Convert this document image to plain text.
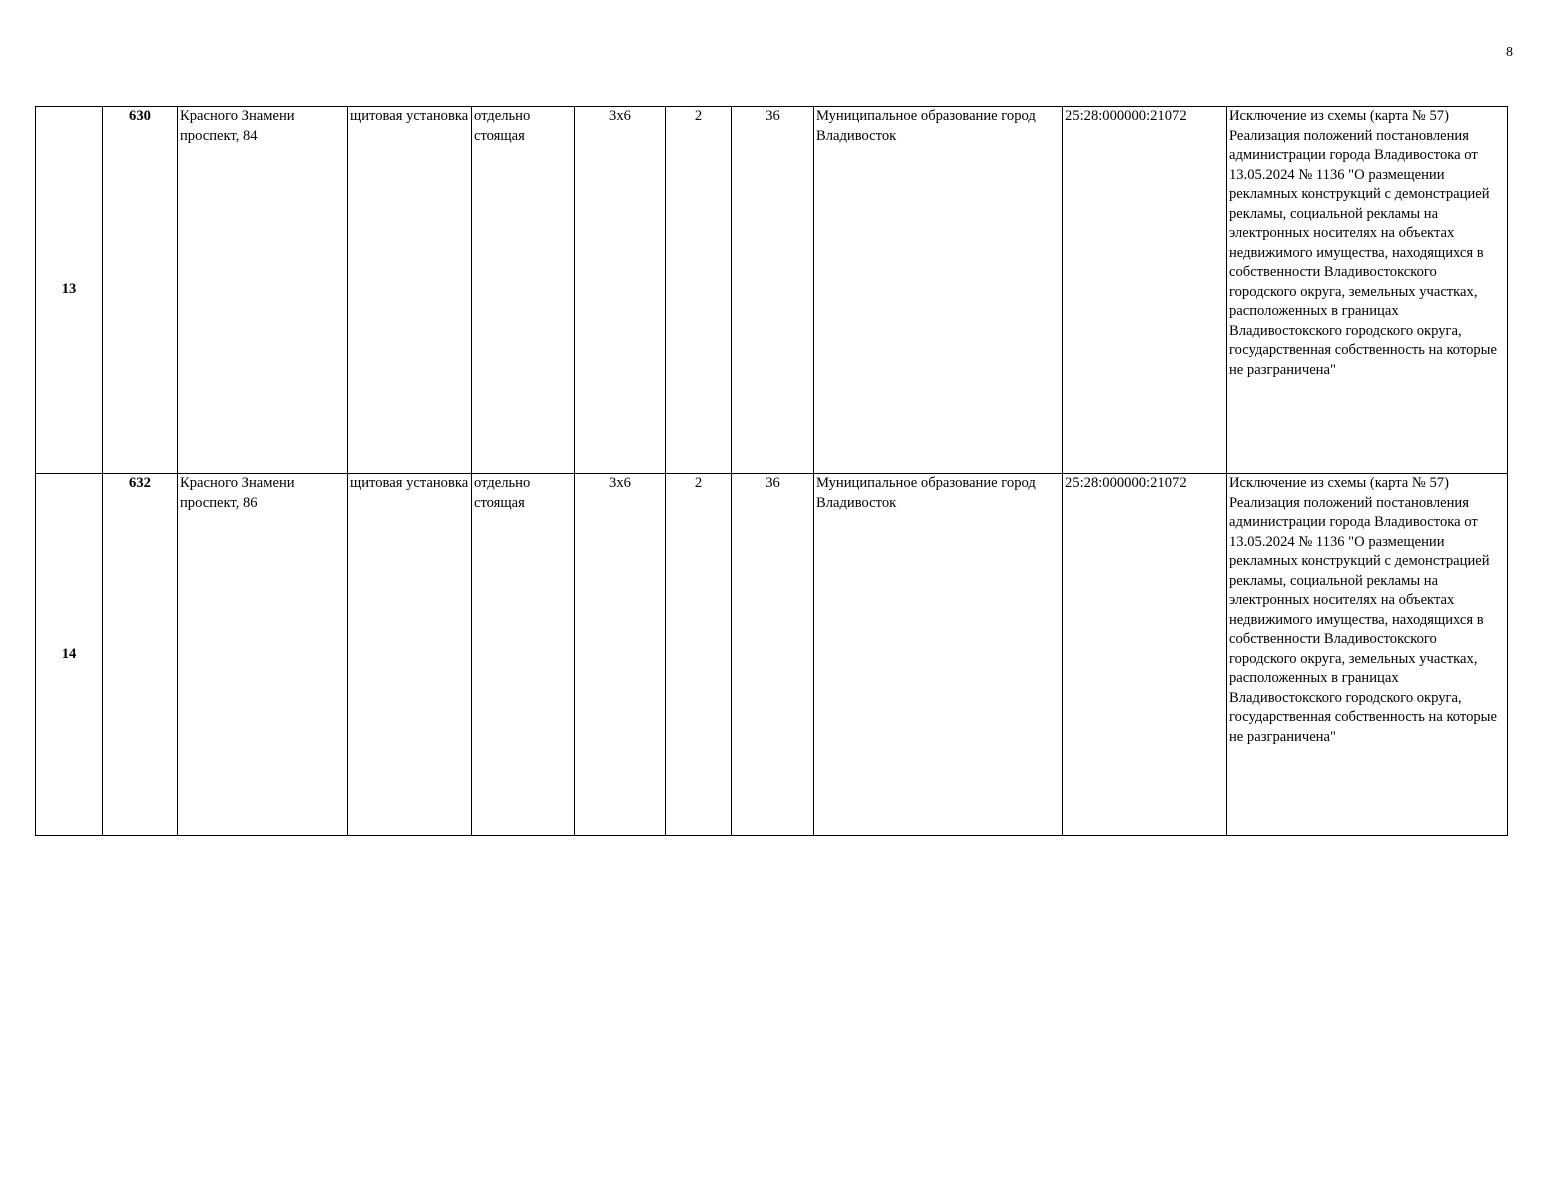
8
13	630	Красного Знамени проспект, 84	щитовая установка	отдельно стоящая	3х6	2	36	Муниципальное образование город Владивосток	25:28:000000:21072	Исключение из схемы (карта № 57) Реализация положений постановления администрации города Владивостока от 13.05.2024 № 1136 "О размещении рекламных конструкций с демонстрацией рекламы, социальной рекламы на электронных носителях на объектах недвижимого имущества, находящихся в собственности Владивостокского городского округа, земельных участках, расположенных в границах Владивостокского городского округа, государственная собственность на которые не разграничена"
14	632	Красного Знамени проспект, 86	щитовая установка	отдельно стоящая	3х6	2	36	Муниципальное образование город Владивосток	25:28:000000:21072	Исключение из схемы (карта № 57) Реализация положений постановления администрации города Владивостока от 13.05.2024 № 1136 "О размещении рекламных конструкций с демонстрацией рекламы, социальной рекламы на электронных носителях на объектах недвижимого имущества, находящихся в собственности Владивостокского городского округа, земельных участках, расположенных в границах Владивостокского городского округа, государственная собственность на которые не разграничена"
